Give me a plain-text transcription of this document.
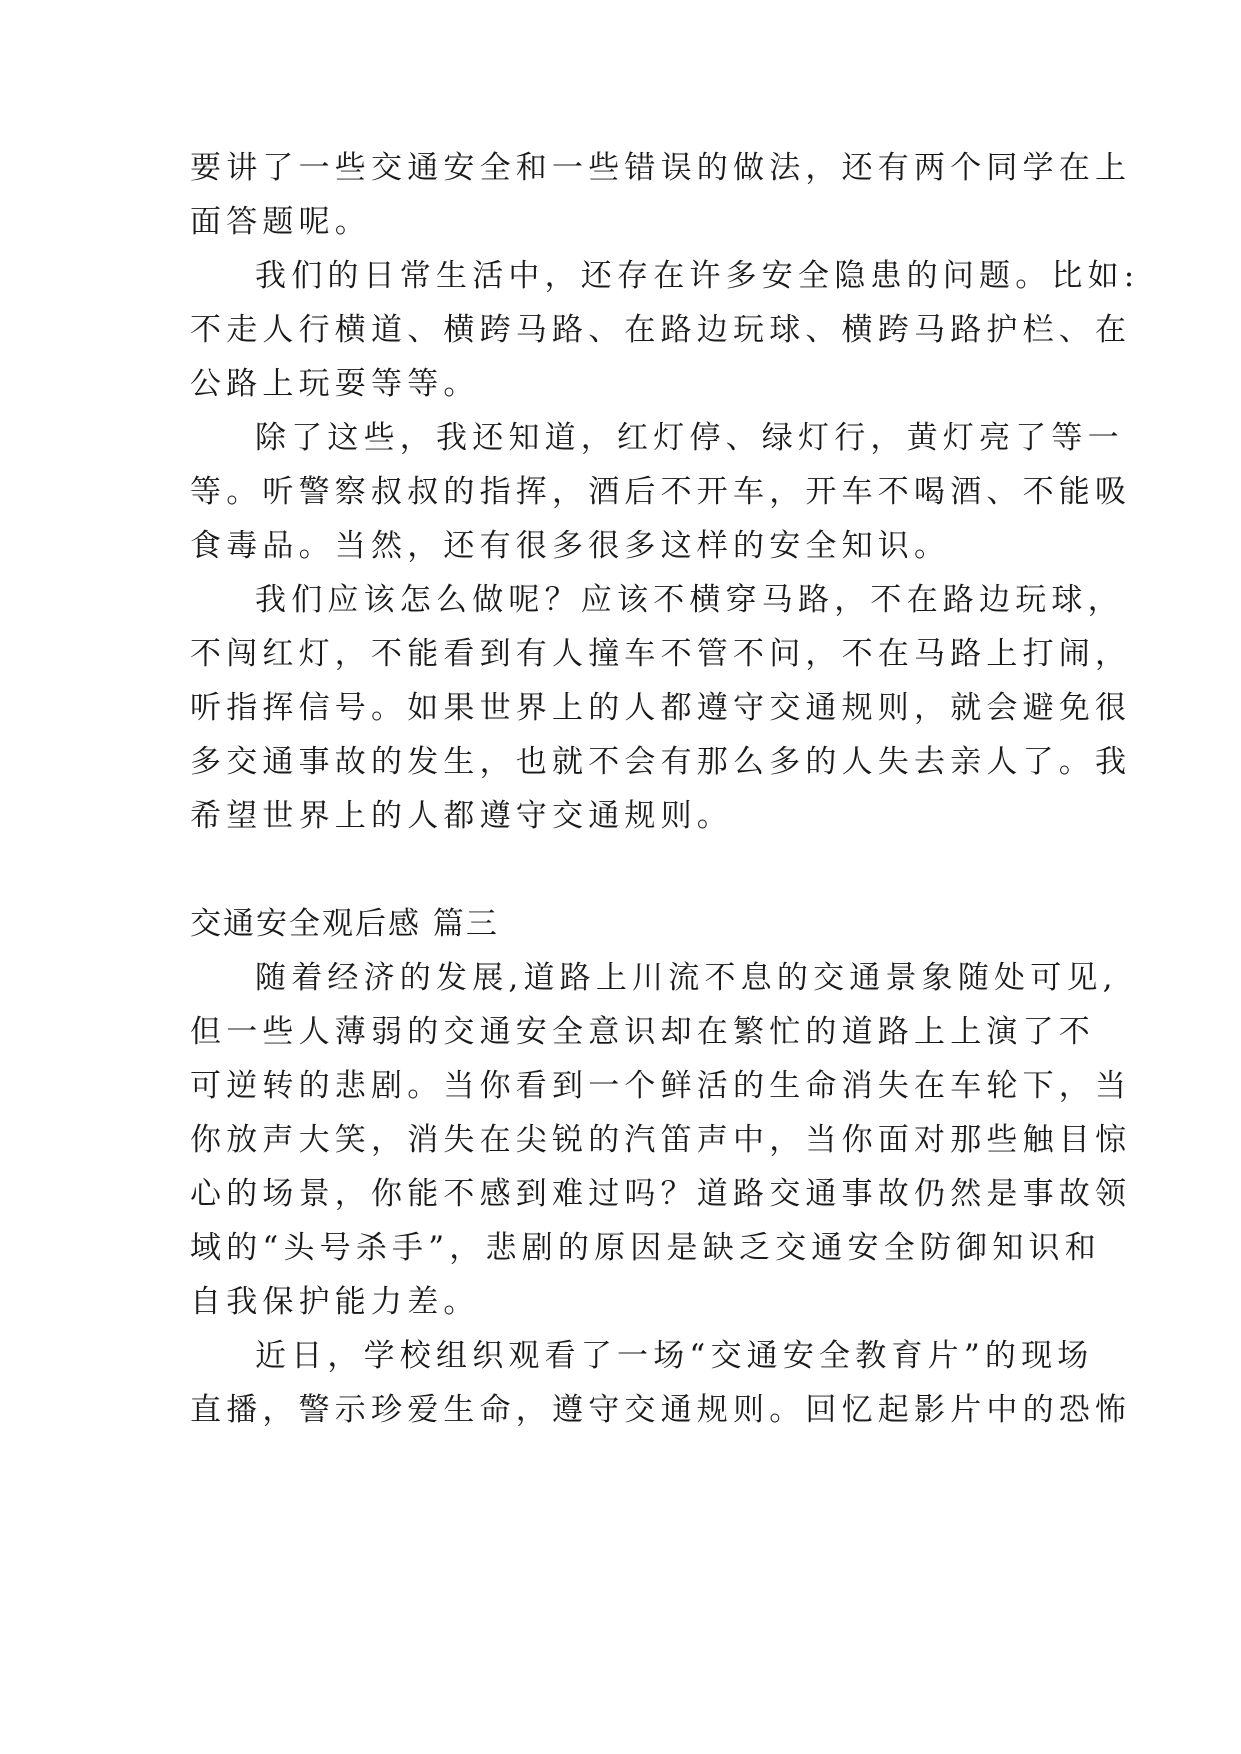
要讲了一些交通安全和一些错误的做法，还有两个同学在上

面答题呢。

我们的日常生活中，还存在许多安全隐患的问题。比如:

不走人行横道、横跨马路、在路边玩球、横跨马路护栏、在

公路上玩耍等等。

除了这些，我还知道，红灯停、绿灯行，黄灯亮了等一

等。听警察叔叔的指挥，酒后不开车，开车不喝酒、不能吸

食毒品。当然，还有很多很多这样的安全知识。

我们应该怎么做呢？应该不横穿马路，不在路边玩球，

不闯红灯，不能看到有人撞车不管不问，不在马路上打闹，

听指挥信号。如果世界上的人都遵守交通规则，就会避免很

多交通事故的发生，也就不会有那么多的人失去亲人了。我

希望世界上的人都遵守交通规则。

交通安全观后感 篇三

随着经济的发展,道路上川流不息的交通景象随处可见,

但一些人薄弱的交通安全意识却在繁忙的道路上上演了不

可逆转的悲剧。当你看到一个鲜活的生命消失在车轮下，当

你放声大笑，消失在尖锐的汽笛声中，当你面对那些触目惊

心的场景，你能不感到难过吗？道路交通事故仍然是事故领

域的“头号杀手”，悲剧的原因是缺乏交通安全防御知识和

自我保护能力差。

近日，学校组织观看了一场“交通安全教育片”的现场

直播，警示珍爱生命，遵守交通规则。回忆起影片中的恐怖
